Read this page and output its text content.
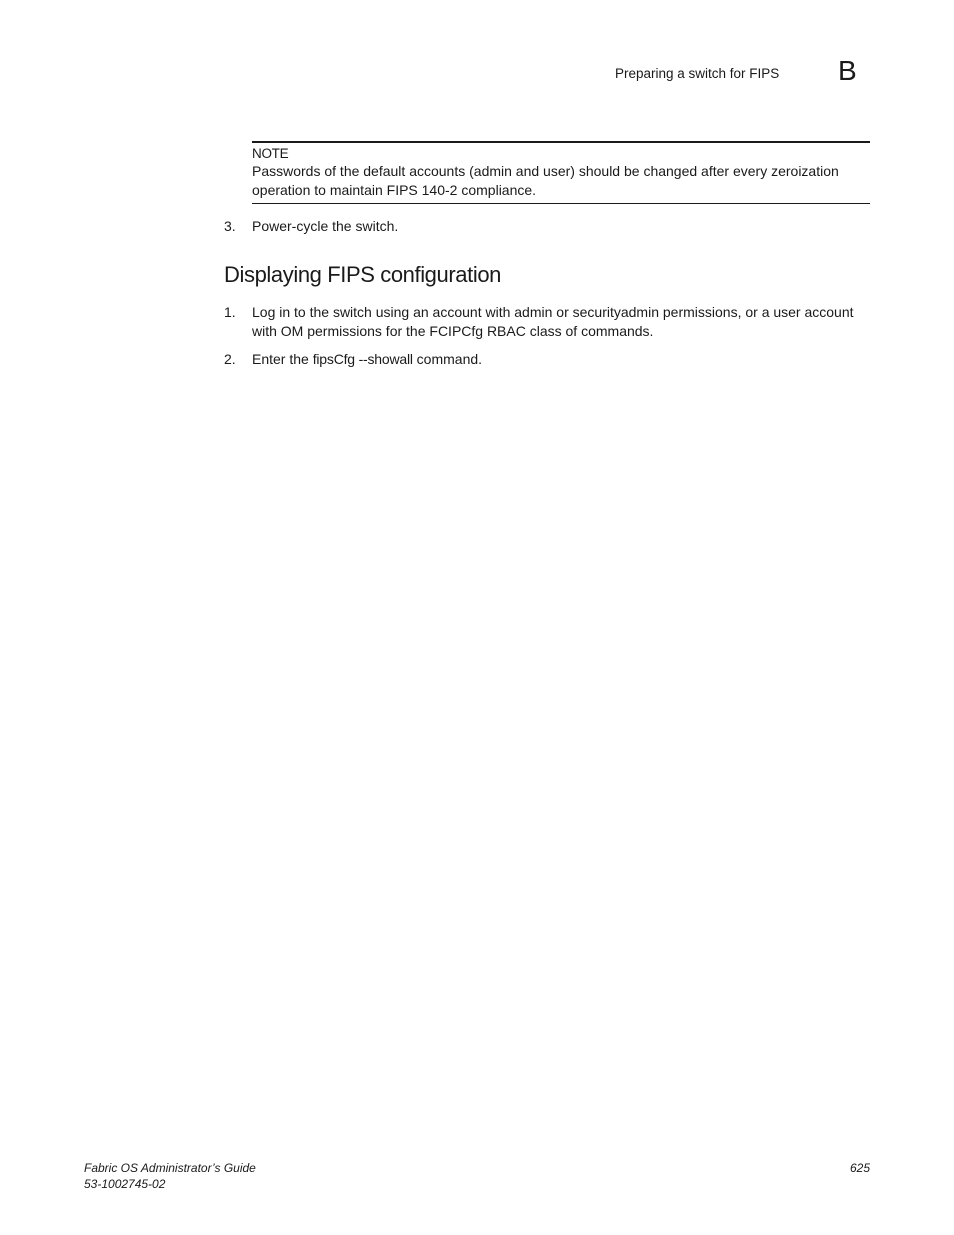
Preparing a switch for FIPS B
NOTE
Passwords of the default accounts (admin and user) should be changed after every zeroization operation to maintain FIPS 140-2 compliance.
3. Power-cycle the switch.
Displaying FIPS configuration
1. Log in to the switch using an account with admin or securityadmin permissions, or a user account with OM permissions for the FCIPCfg RBAC class of commands.
2. Enter the fipsCfg --showall command.
Fabric OS Administrator’s Guide
53-1002745-02
625
